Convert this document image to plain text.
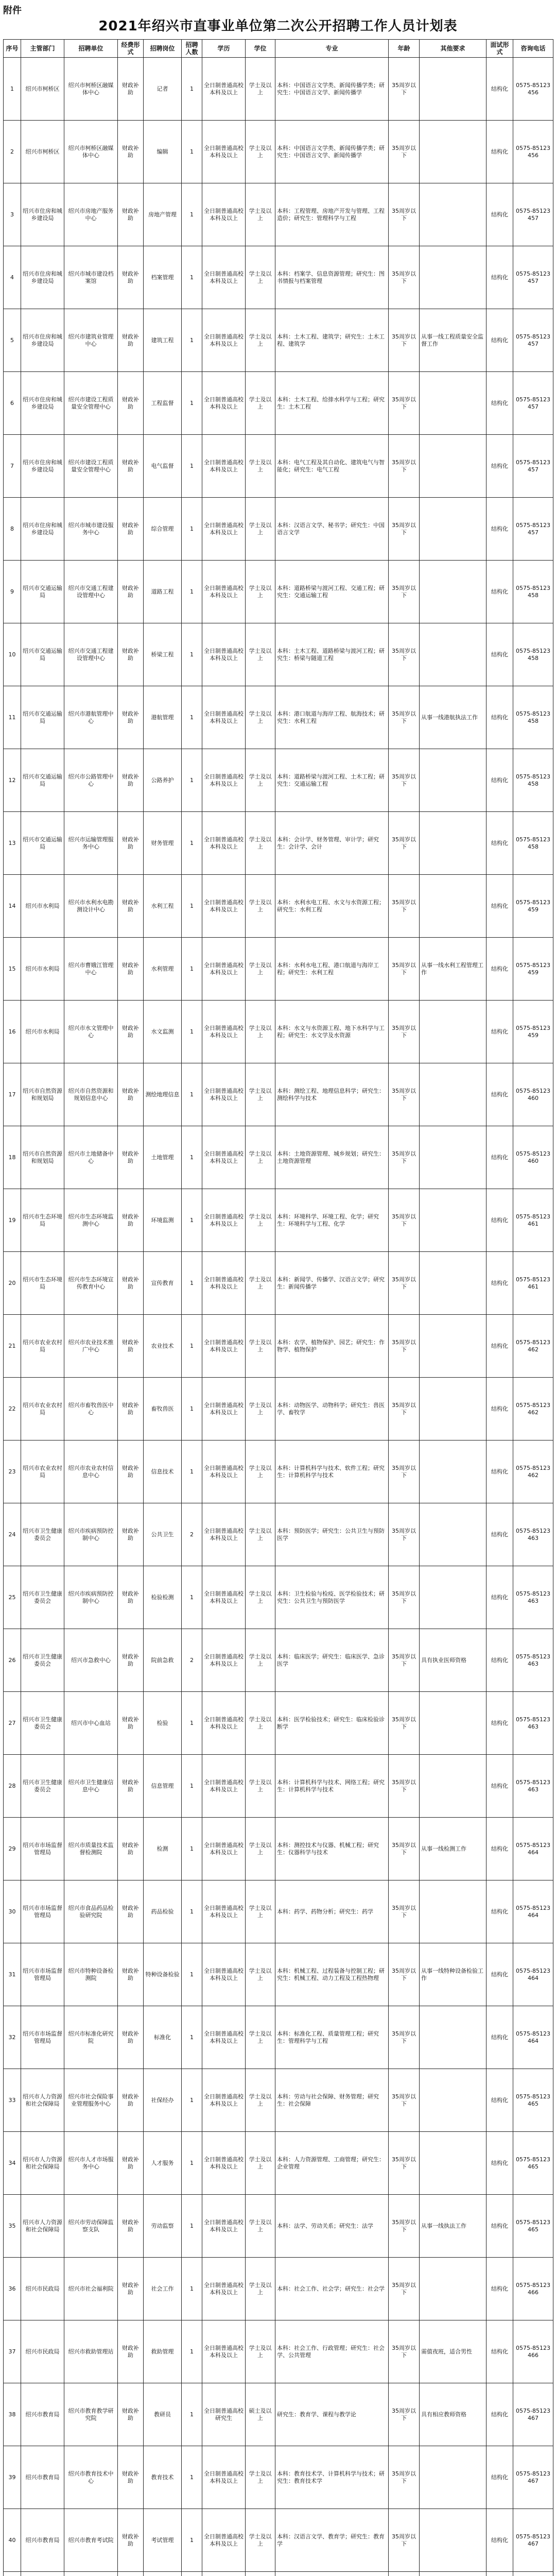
附件
2021年绍兴市直事业单位第二次公开招聘工作人员计划表
序号	主管部门	招聘单位	经费形式	招聘岗位	招聘人数	学历	学位	专业	年龄	其他要求	面试形式	咨询电话
1	绍兴市柯桥区	绍兴市柯桥区融媒体中心	财政补助	记者	1	全日制普通高校本科及以上	学士及以上	本科：中国语言文学类、新闻传播学类；研究生：中国语言文学、新闻传播学	35周岁以下		结构化	0575-85123456
2	绍兴市柯桥区	绍兴市柯桥区融媒体中心	财政补助	编辑	1	全日制普通高校本科及以上	学士及以上	本科：中国语言文学类、新闻传播学类；研究生：中国语言文学、新闻传播学	35周岁以下		结构化	0575-85123456
3	绍兴市住房和城乡建设局	绍兴市房地产服务中心	财政补助	房地产管理	1	全日制普通高校本科及以上	学士及以上	本科：工程管理、房地产开发与管理、工程造价；研究生：管理科学与工程	35周岁以下		结构化	0575-85123457
4	绍兴市住房和城乡建设局	绍兴市城市建设档案馆	财政补助	档案管理	1	全日制普通高校本科及以上	学士及以上	本科：档案学、信息资源管理；研究生：图书情报与档案管理	35周岁以下		结构化	0575-85123457
5	绍兴市住房和城乡建设局	绍兴市建筑业管理中心	财政补助	建筑工程	1	全日制普通高校本科及以上	学士及以上	本科：土木工程、建筑学；研究生：土木工程、建筑学	35周岁以下	从事一线工程质量安全监督工作	结构化	0575-85123457
6	绍兴市住房和城乡建设局	绍兴市建设工程质量安全管理中心	财政补助	工程监督	1	全日制普通高校本科及以上	学士及以上	本科：土木工程、给排水科学与工程；研究生：土木工程	35周岁以下		结构化	0575-85123457
7	绍兴市住房和城乡建设局	绍兴市建设工程质量安全管理中心	财政补助	电气监督	1	全日制普通高校本科及以上	学士及以上	本科：电气工程及其自动化、建筑电气与智能化；研究生：电气工程	35周岁以下		结构化	0575-85123457
8	绍兴市住房和城乡建设局	绍兴市城市建设服务中心	财政补助	综合管理	1	全日制普通高校本科及以上	学士及以上	本科：汉语言文学、秘书学；研究生：中国语言文学	35周岁以下		结构化	0575-85123457
9	绍兴市交通运输局	绍兴市交通工程建设管理中心	财政补助	道路工程	1	全日制普通高校本科及以上	学士及以上	本科：道路桥梁与渡河工程、交通工程；研究生：交通运输工程	35周岁以下		结构化	0575-85123458
10	绍兴市交通运输局	绍兴市交通工程建设管理中心	财政补助	桥梁工程	1	全日制普通高校本科及以上	学士及以上	本科：土木工程、道路桥梁与渡河工程；研究生：桥梁与隧道工程	35周岁以下		结构化	0575-85123458
11	绍兴市交通运输局	绍兴市港航管理中心	财政补助	港航管理	1	全日制普通高校本科及以上	学士及以上	本科：港口航道与海岸工程、航海技术；研究生：水利工程	35周岁以下	从事一线港航执法工作	结构化	0575-85123458
12	绍兴市交通运输局	绍兴市公路管理中心	财政补助	公路养护	1	全日制普通高校本科及以上	学士及以上	本科：道路桥梁与渡河工程、土木工程；研究生：交通运输工程	35周岁以下		结构化	0575-85123458
13	绍兴市交通运输局	绍兴市运输管理服务中心	财政补助	财务管理	1	全日制普通高校本科及以上	学士及以上	本科：会计学、财务管理、审计学；研究生：会计学、会计	35周岁以下		结构化	0575-85123458
14	绍兴市水利局	绍兴市水利水电勘测设计中心	财政补助	水利工程	1	全日制普通高校本科及以上	学士及以上	本科：水利水电工程、水文与水资源工程；研究生：水利工程	35周岁以下		结构化	0575-85123459
15	绍兴市水利局	绍兴市曹娥江管理中心	财政补助	水利管理	1	全日制普通高校本科及以上	学士及以上	本科：水利水电工程、港口航道与海岸工程；研究生：水利工程	35周岁以下	从事一线水利工程管理工作	结构化	0575-85123459
16	绍兴市水利局	绍兴市水文管理中心	财政补助	水文监测	1	全日制普通高校本科及以上	学士及以上	本科：水文与水资源工程、地下水科学与工程；研究生：水文学及水资源	35周岁以下		结构化	0575-85123459
17	绍兴市自然资源和规划局	绍兴市自然资源和规划信息中心	财政补助	测绘地理信息	1	全日制普通高校本科及以上	学士及以上	本科：测绘工程、地理信息科学；研究生：测绘科学与技术	35周岁以下		结构化	0575-85123460
18	绍兴市自然资源和规划局	绍兴市土地储备中心	财政补助	土地管理	1	全日制普通高校本科及以上	学士及以上	本科：土地资源管理、城乡规划；研究生：土地资源管理	35周岁以下		结构化	0575-85123460
19	绍兴市生态环境局	绍兴市生态环境监测中心	财政补助	环境监测	1	全日制普通高校本科及以上	学士及以上	本科：环境科学、环境工程、化学；研究生：环境科学与工程、化学	35周岁以下		结构化	0575-85123461
20	绍兴市生态环境局	绍兴市生态环境宣传教育中心	财政补助	宣传教育	1	全日制普通高校本科及以上	学士及以上	本科：新闻学、传播学、汉语言文学；研究生：新闻传播学	35周岁以下		结构化	0575-85123461
21	绍兴市农业农村局	绍兴市农业技术推广中心	财政补助	农业技术	1	全日制普通高校本科及以上	学士及以上	本科：农学、植物保护、园艺；研究生：作物学、植物保护	35周岁以下		结构化	0575-85123462
22	绍兴市农业农村局	绍兴市畜牧兽医中心	财政补助	畜牧兽医	1	全日制普通高校本科及以上	学士及以上	本科：动物医学、动物科学；研究生：兽医学、畜牧学	35周岁以下		结构化	0575-85123462
23	绍兴市农业农村局	绍兴市农业农村信息中心	财政补助	信息技术	1	全日制普通高校本科及以上	学士及以上	本科：计算机科学与技术、软件工程；研究生：计算机科学与技术	35周岁以下		结构化	0575-85123462
24	绍兴市卫生健康委员会	绍兴市疾病预防控制中心	财政补助	公共卫生	2	全日制普通高校本科及以上	学士及以上	本科：预防医学；研究生：公共卫生与预防医学	35周岁以下		结构化	0575-85123463
25	绍兴市卫生健康委员会	绍兴市疾病预防控制中心	财政补助	检验检测	1	全日制普通高校本科及以上	学士及以上	本科：卫生检验与检疫、医学检验技术；研究生：公共卫生与预防医学	35周岁以下		结构化	0575-85123463
26	绍兴市卫生健康委员会	绍兴市急救中心	财政补助	院前急救	2	全日制普通高校本科及以上	学士及以上	本科：临床医学；研究生：临床医学、急诊医学	35周岁以下	具有执业医师资格	结构化	0575-85123463
27	绍兴市卫生健康委员会	绍兴市中心血站	财政补助	检验	1	全日制普通高校本科及以上	学士及以上	本科：医学检验技术；研究生：临床检验诊断学	35周岁以下		结构化	0575-85123463
28	绍兴市卫生健康委员会	绍兴市卫生健康信息中心	财政补助	信息管理	1	全日制普通高校本科及以上	学士及以上	本科：计算机科学与技术、网络工程；研究生：计算机科学与技术	35周岁以下		结构化	0575-85123463
29	绍兴市市场监督管理局	绍兴市质量技术监督检测院	财政补助	检测	1	全日制普通高校本科及以上	学士及以上	本科：测控技术与仪器、机械工程；研究生：仪器科学与技术	35周岁以下	从事一线检测工作	结构化	0575-85123464
30	绍兴市市场监督管理局	绍兴市食品药品检验研究院	财政补助	药品检验	1	全日制普通高校本科及以上	学士及以上	本科：药学、药物分析；研究生：药学	35周岁以下		结构化	0575-85123464
31	绍兴市市场监督管理局	绍兴市特种设备检测院	财政补助	特种设备检验	1	全日制普通高校本科及以上	学士及以上	本科：机械工程、过程装备与控制工程；研究生：机械工程、动力工程及工程热物理	35周岁以下	从事一线特种设备检验工作	结构化	0575-85123464
32	绍兴市市场监督管理局	绍兴市标准化研究院	财政补助	标准化	1	全日制普通高校本科及以上	学士及以上	本科：标准化工程、质量管理工程；研究生：管理科学与工程	35周岁以下		结构化	0575-85123464
33	绍兴市人力资源和社会保障局	绍兴市社会保险事业管理服务中心	财政补助	社保经办	1	全日制普通高校本科及以上	学士及以上	本科：劳动与社会保障、财务管理；研究生：社会保障	35周岁以下		结构化	0575-85123465
34	绍兴市人力资源和社会保障局	绍兴市人才市场服务中心	财政补助	人才服务	1	全日制普通高校本科及以上	学士及以上	本科：人力资源管理、工商管理；研究生：企业管理	35周岁以下		结构化	0575-85123465
35	绍兴市人力资源和社会保障局	绍兴市劳动保障监察支队	财政补助	劳动监察	1	全日制普通高校本科及以上	学士及以上	本科：法学、劳动关系；研究生：法学	35周岁以下	从事一线执法工作	结构化	0575-85123465
36	绍兴市民政局	绍兴市社会福利院	财政补助	社会工作	1	全日制普通高校本科及以上	学士及以上	本科：社会工作、社会学；研究生：社会学	35周岁以下		结构化	0575-85123466
37	绍兴市民政局	绍兴市救助管理站	财政补助	救助管理	1	全日制普通高校本科及以上	学士及以上	本科：社会工作、行政管理；研究生：社会学、公共管理	35周岁以下	需值夜班，适合男性	结构化	0575-85123466
38	绍兴市教育局	绍兴市教育教学研究院	财政补助	教研员	1	全日制普通高校研究生	硕士及以上	研究生：教育学、课程与教学论	35周岁以下	具有相应教师资格	结构化	0575-85123467
39	绍兴市教育局	绍兴市教育技术中心	财政补助	教育技术	1	全日制普通高校本科及以上	学士及以上	本科：教育技术学、计算机科学与技术；研究生：教育技术学	35周岁以下		结构化	0575-85123467
40	绍兴市教育局	绍兴市教育考试院	财政补助	考试管理	1	全日制普通高校本科及以上	学士及以上	本科：汉语言文学、教育学；研究生：教育学	35周岁以下		结构化	0575-85123467
